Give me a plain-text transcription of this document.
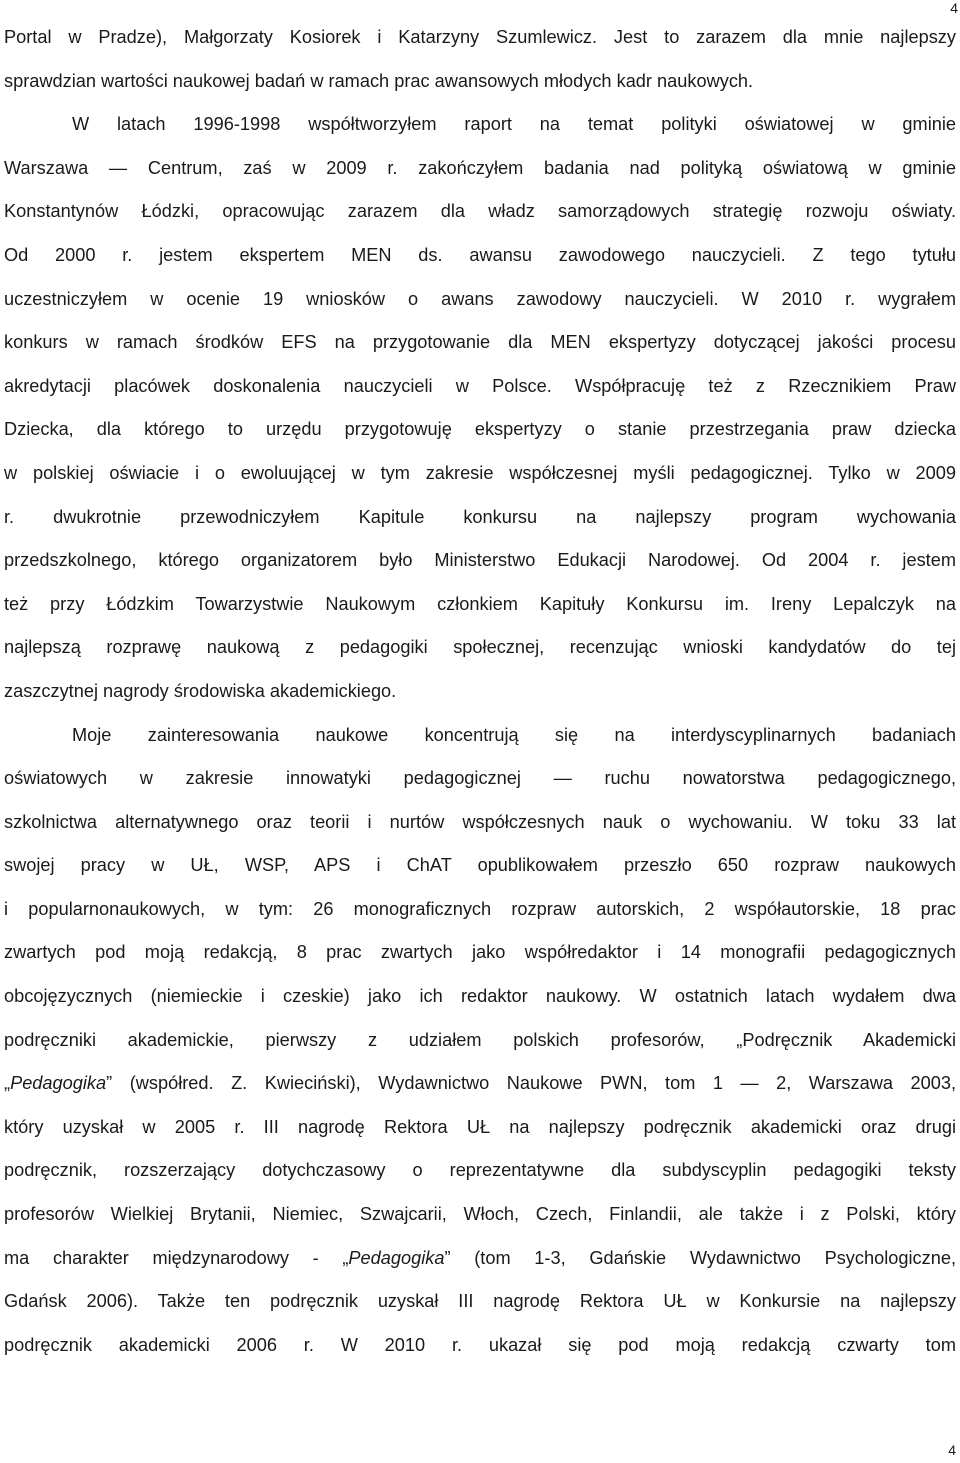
4
Portal w Pradze), Małgorzaty Kosiorek i Katarzyny Szumlewicz. Jest to zarazem dla mnie najlepszy
sprawdzian wartości naukowej badań w ramach prac awansowych młodych kadr naukowych.
W latach 1996-1998 współtworzyłem raport na temat polityki oświatowej w gminie
Warszawa — Centrum, zaś w 2009 r. zakończyłem badania nad polityką oświatową w gminie
Konstantynów Łódzki, opracowując zarazem dla władz samorządowych strategię rozwoju oświaty.
Od 2000 r. jestem ekspertem MEN ds. awansu zawodowego nauczycieli. Z tego tytułu
uczestniczyłem w ocenie 19 wniosków o awans zawodowy nauczycieli. W 2010 r. wygrałem
konkurs w ramach środków EFS na przygotowanie dla MEN ekspertyzy dotyczącej jakości procesu
akredytacji placówek doskonalenia nauczycieli w Polsce. Współpracuję też z Rzecznikiem Praw
Dziecka, dla którego to urzędu przygotowuję ekspertyzy o stanie przestrzegania praw dziecka
w polskiej oświacie i o ewoluującej w tym zakresie współczesnej myśli pedagogicznej. Tylko w 2009
r. dwukrotnie przewodniczyłem Kapitule konkursu na najlepszy program wychowania
przedszkolnego, którego organizatorem było Ministerstwo Edukacji Narodowej. Od 2004 r. jestem
też przy Łódzkim Towarzystwie Naukowym członkiem Kapituły Konkursu im. Ireny Lepalczyk na
najlepszą rozprawę naukową z pedagogiki społecznej, recenzując wnioski kandydatów do tej
zaszczytnej nagrody środowiska akademickiego.
Moje zainteresowania naukowe koncentrują się na interdyscyplinarnych badaniach
oświatowych w zakresie innowatyki pedagogicznej — ruchu nowatorstwa pedagogicznego,
szkolnictwa alternatywnego oraz teorii i nurtów współczesnych nauk o wychowaniu. W toku 33 lat
swojej pracy w UŁ, WSP, APS i ChAT opublikowałem przeszło 650 rozpraw naukowych
i popularnonaukowych, w tym: 26 monograficznych rozpraw autorskich, 2 współautorskie, 18 prac
zwartych pod moją redakcją, 8 prac zwartych jako współredaktor i 14 monografii pedagogicznych
obcojęzycznych (niemieckie i czeskie) jako ich redaktor naukowy. W ostatnich latach wydałem dwa
podręczniki akademickie, pierwszy z udziałem polskich profesorów, „Podręcznik Akademicki
„Pedagogika” (współred. Z. Kwieciński), Wydawnictwo Naukowe PWN, tom 1 — 2, Warszawa 2003,
który uzyskał w 2005 r. III nagrodę Rektora UŁ na najlepszy podręcznik akademicki oraz drugi
podręcznik, rozszerzający dotychczasowy o reprezentatywne dla subdyscyplin pedagogiki teksty
profesorów Wielkiej Brytanii, Niemiec, Szwajcarii, Włoch, Czech, Finlandii, ale także i z Polski, który
ma charakter międzynarodowy - „Pedagogika” (tom 1-3, Gdańskie Wydawnictwo Psychologiczne,
Gdańsk 2006). Także ten podręcznik uzyskał III nagrodę Rektora UŁ w Konkursie na najlepszy
podręcznik akademicki 2006 r. W 2010 r. ukazał się pod moją redakcją czwarty tom
4
